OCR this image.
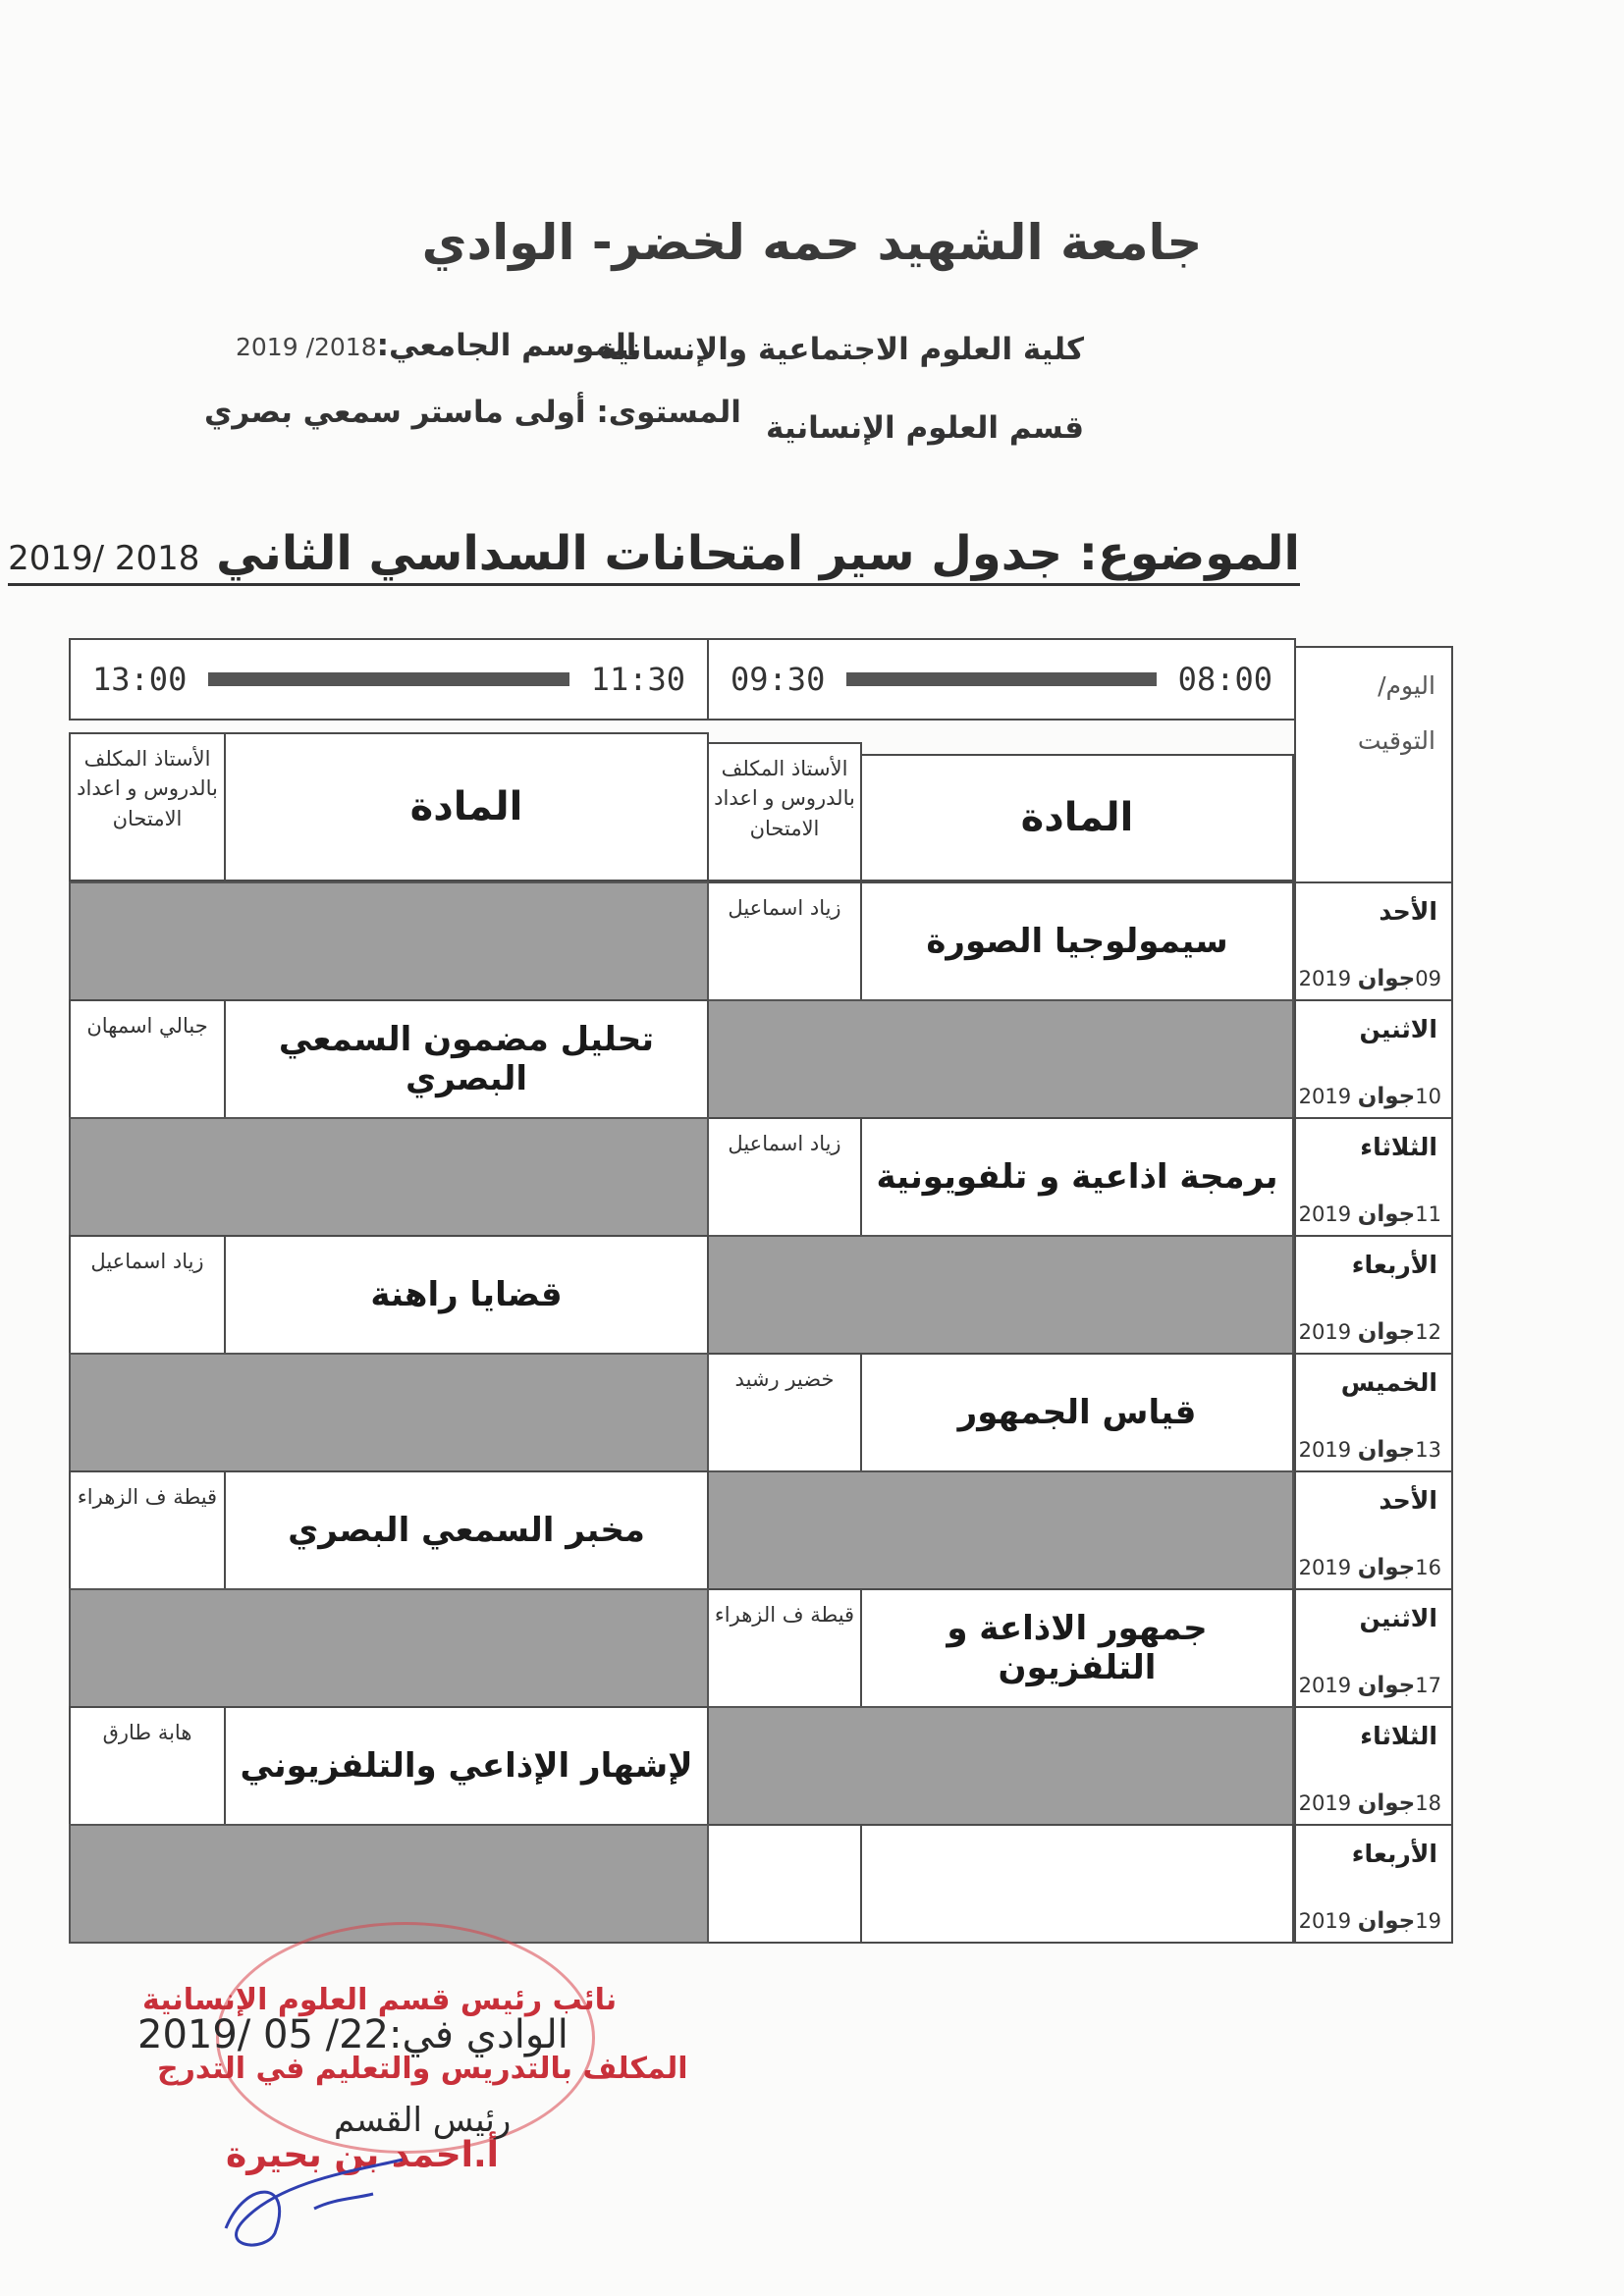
جامعة الشهيد حمه لخضر- الوادي
كلية العلوم الاجتماعية والإنسانية
قسم العلوم الإنسانية
الموسم الجامعي:2018/ 2019
المستوى: أولى ماستر سمعي بصري
الموضوع: جدول سير امتحانات السداسي الثاني 2018 /2019
اليوم/
التوقيت
09:30	08:00
13:00	11:30
المادة
الأستاذ المكلف بالدروس و اعداد الامتحان
المادة
الأستاذ المكلف بالدروس و اعداد الامتحان
الأحد
09جوان 2019
سيمولوجيا الصورة
زياد اسماعيل
الاثنين
10جوان 2019
تحليل مضمون السمعي البصري
جبالي اسمهان
الثلاثاء
11جوان 2019
برمجة اذاعية و تلفويونية
زياد اسماعيل
الأربعاء
12جوان 2019
قضايا راهنة
زياد اسماعيل
الخميس
13جوان 2019
قياس الجمهور
خضير رشيد
الأحد
16جوان 2019
مخبر السمعي البصري
قيطة ف الزهراء
الاثنين
17جوان 2019
جمهور الاذاعة و التلفزيون
قيطة ف الزهراء
الثلاثاء
18جوان 2019
لإشهار الإذاعي والتلفزيوني
هابة طارق
الأربعاء
19جوان 2019
نائب رئيس قسم العلوم الإنسانية
الوادي في:22/ 05 /2019
المكلف بالتدريس والتعليم في التدرج
رئيس القسم
أ.احمد بن بحيرة
